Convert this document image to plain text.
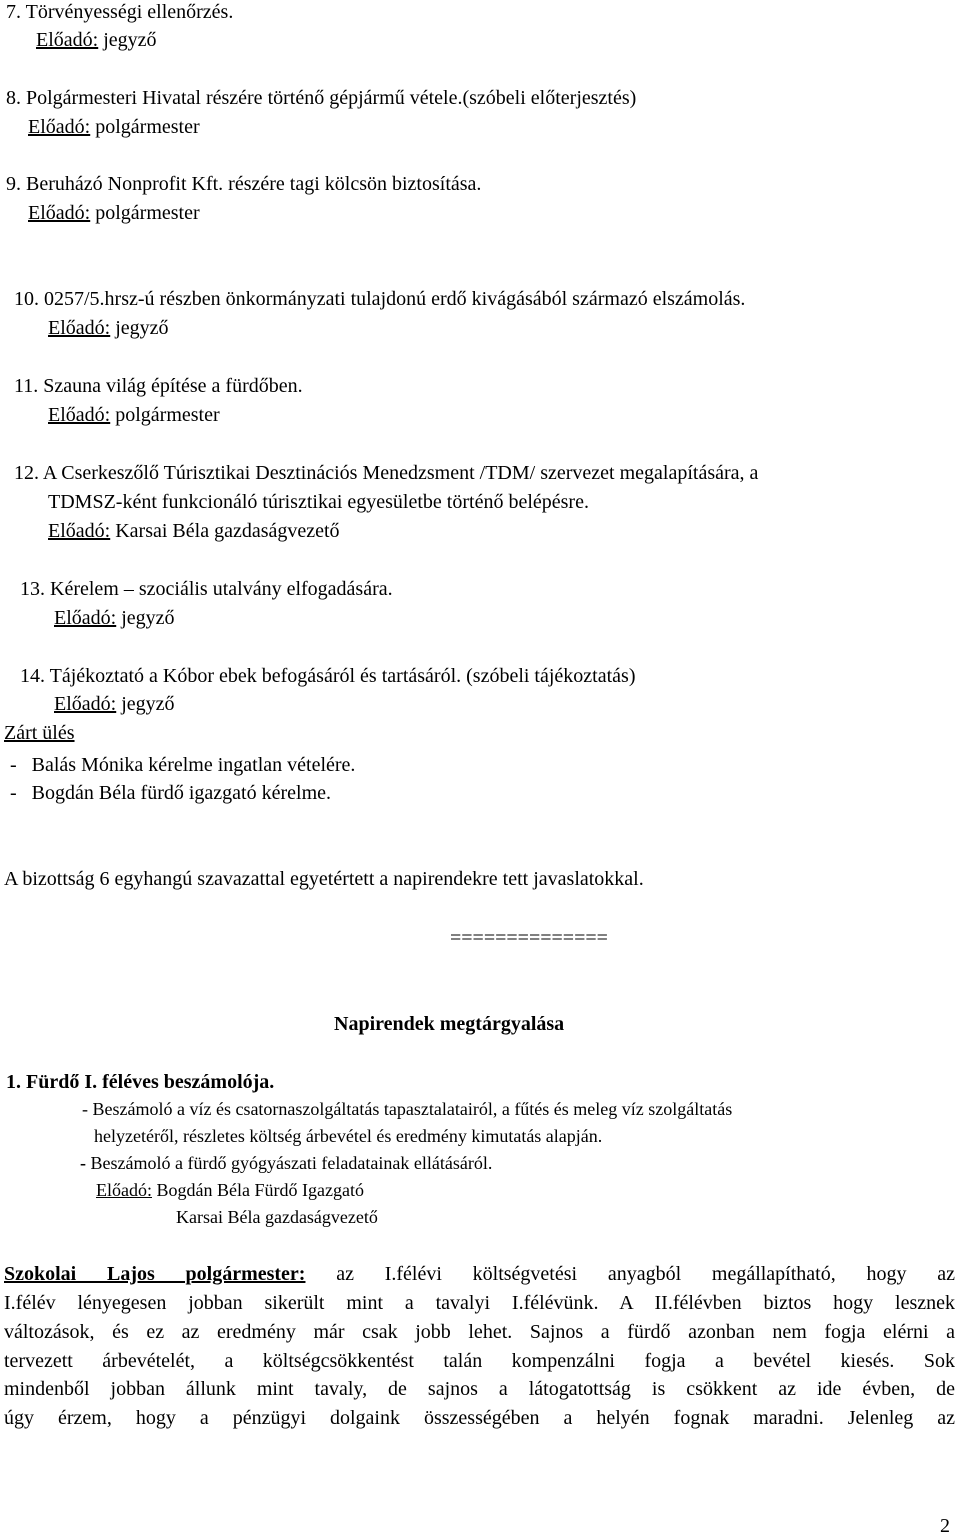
7. Törvényességi ellenőrzés.
Előadó: jegyző
8. Polgármesteri Hivatal részére történő gépjármű vétele.(szóbeli előterjesztés)
Előadó: polgármester
9. Beruházó Nonprofit Kft. részére tagi kölcsön biztosítása.
Előadó: polgármester
10. 0257/5.hrsz-ú részben önkormányzati tulajdonú erdő kivágásából származó elszámolás.
Előadó: jegyző
11. Szauna világ építése a fürdőben.
Előadó: polgármester
12. A Cserkeszőlő Túrisztikai Desztinációs Menedzsment /TDM/ szervezet megalapítására, a
TDMSZ-ként funkcionáló túrisztikai egyesületbe történő belépésre.
Előadó: Karsai Béla gazdaságvezető
13. Kérelem – szociális utalvány elfogadására.
Előadó: jegyző
14. Tájékoztató a Kóbor ebek befogásáról és tartásáról. (szóbeli tájékoztatás)
Előadó: jegyző
Zárt ülés
-   Balás Mónika kérelme ingatlan vételére.
-   Bogdán Béla fürdő igazgató kérelme.
A bizottság 6 egyhangú szavazattal egyetértett a napirendekre tett javaslatokkal.
==============
Napirendek megtárgyalása
1. Fürdő I. féléves beszámolója.
- Beszámoló a víz és csatornaszolgáltatás tapasztalatairól, a fűtés és meleg víz szolgáltatás
helyzetéről, részletes költség árbevétel és eredmény kimutatás alapján.
- Beszámoló a fürdő gyógyászati feladatainak ellátásáról.
Előadó: Bogdán Béla Fürdő Igazgató
Karsai Béla gazdaságvezető
Szokolai Lajos polgármester: az I.félévi költségvetési anyagból megállapítható, hogy az
I.félév lényegesen jobban sikerült mint a tavalyi I.félévünk. A II.félévben biztos hogy lesznek
változások, és ez az eredmény már csak jobb lehet. Sajnos a fürdő azonban nem fogja elérni a
tervezett árbevételét, a költségcsökkentést talán kompenzálni fogja a bevétel kiesés. Sok
mindenből jobban állunk mint tavaly, de sajnos a látogatottság is csökkent az ide évben, de
úgy érzem, hogy a pénzügyi dolgaink összességében a helyén fognak maradni. Jelenleg az
2
